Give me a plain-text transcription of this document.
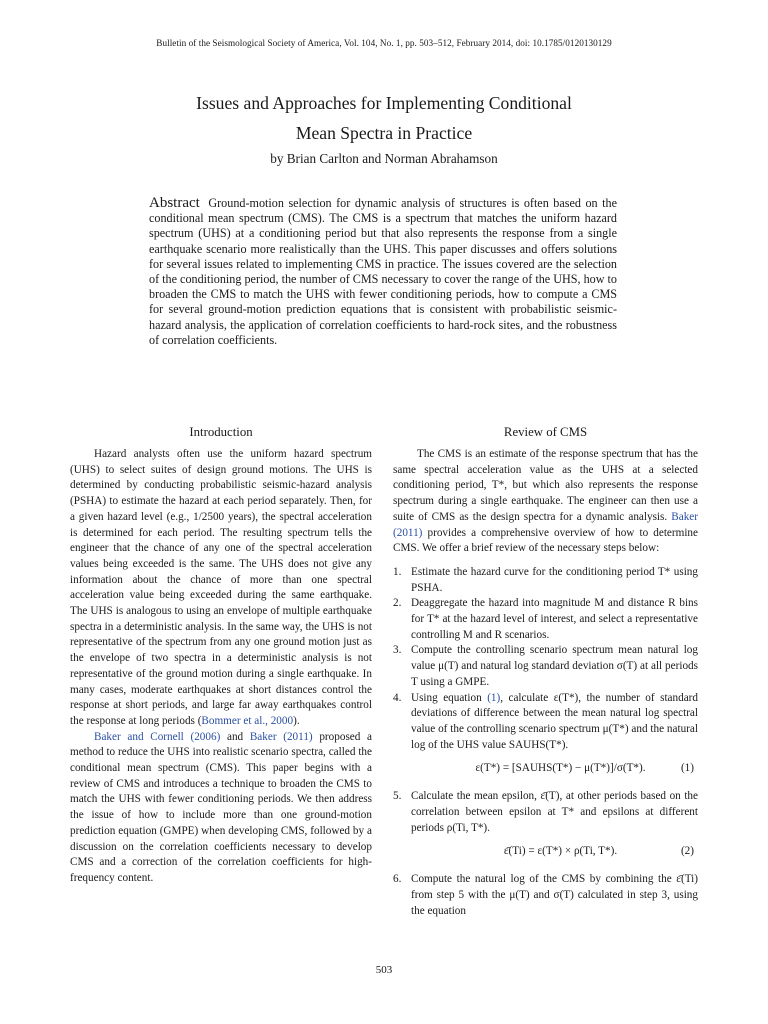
Bulletin of the Seismological Society of America, Vol. 104, No. 1, pp. 503–512, February 2014, doi: 10.1785/0120130129
Issues and Approaches for Implementing Conditional
Mean Spectra in Practice
by Brian Carlton and Norman Abrahamson
Abstract Ground-motion selection for dynamic analysis of structures is often based on the conditional mean spectrum (CMS). The CMS is a spectrum that matches the uniform hazard spectrum (UHS) at a conditioning period but that also represents the response from a single earthquake scenario more realistically than the UHS. This paper discusses and offers solutions for several issues related to implementing CMS in practice. The issues covered are the selection of the conditioning period, the number of CMS necessary to cover the range of the UHS, how to broaden the CMS to match the UHS with fewer conditioning periods, how to compute a CMS for several ground-motion prediction equations that is consistent with probabilistic seismic-hazard analysis, the application of correlation coefficients to hard-rock sites, and the robustness of correlation coefficients.
Introduction

Hazard analysts often use the uniform hazard spectrum (UHS) to select suites of design ground motions. The UHS is determined by conducting probabilistic seismic-hazard analysis (PSHA) to estimate the hazard at each period separately. Then, for a given hazard level (e.g., 1/2500 years), the spectral acceleration is determined for each period. The resulting spectrum tells the engineer that the chance of any one of the spectral acceleration values being exceeded is the same. The UHS does not give any information about the chance of more than one spectral acceleration value being exceeded during the same earthquake. The UHS is analogous to using an envelope of multiple earthquake spectra in a deterministic analysis. In the same way, the UHS is not representative of the spectrum from any one ground motion just as the envelope of two spectra in a deterministic analysis is not representative of the ground motion during a single earthquake. In many cases, moderate earthquakes at short distances control the response at short periods, and large far away earthquakes control the response at long periods (Bommer et al., 2000).

Baker and Cornell (2006) and Baker (2011) proposed a method to reduce the UHS into realistic scenario spectra, called the conditional mean spectrum (CMS). This paper begins with a review of CMS and introduces a technique to broaden the CMS to match the UHS with fewer conditioning periods. We then address the issue of how to include more than one ground-motion prediction equation (GMPE) when developing CMS, followed by a discussion on the correlation coefficients necessary to develop CMS and a correction of the correlation coefficients for high-frequency content.

Review of CMS

The CMS is an estimate of the response spectrum that has the same spectral acceleration value as the UHS at a selected conditioning period, T*, but which also represents the response spectrum during a single earthquake. The engineer can then use a suite of CMS as the design spectra for a dynamic analysis. Baker (2011) provides a comprehensive overview of how to determine CMS. We offer a brief review of the necessary steps below:

1. Estimate the hazard curve for the conditioning period T* using PSHA.
2. Deaggregate the hazard into magnitude M and distance R bins for T* at the hazard level of interest, and select a representative controlling M and R scenarios.
3. Compute the controlling scenario spectrum mean natural log value μ(T) and natural log standard deviation σ(T) at all periods T using a GMPE.
4. Using equation (1), calculate ε(T*), the number of standard deviations of difference between the mean natural log spectral value of the controlling scenario spectrum μ(T*) and the natural log of the UHS value SAUHS(T*).
ε(T*) = [SAUHS(T*) − μ(T*)]/σ(T*).	(1)
5. Calculate the mean epsilon, ε̄(T), at other periods based on the correlation between epsilon at T* and epsilons at different periods ρ(Ti, T*).
ε̄(Ti) = ε(T*) × ρ(Ti, T*).	(2)
6. Compute the natural log of the CMS by combining the ε̄(Ti) from step 5 with the μ(T) and σ(T) calculated in step 3, using the equation
503
